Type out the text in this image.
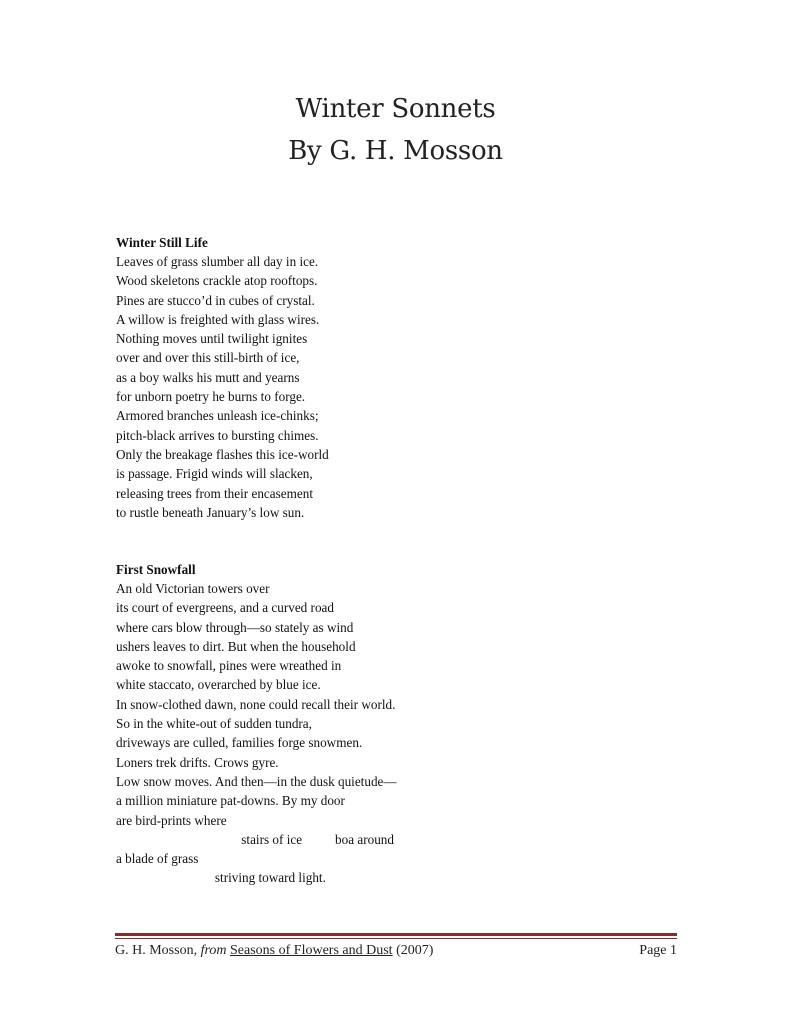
Winter Sonnets
By G. H. Mosson
Winter Still Life
Leaves of grass slumber all day in ice.
Wood skeletons crackle atop rooftops.
Pines are stucco’d in cubes of crystal.
A willow is freighted with glass wires.
Nothing moves until twilight ignites
over and over this still-birth of ice,
as a boy walks his mutt and yearns
for unborn poetry he burns to forge.
Armored branches unleash ice-chinks;
pitch-black arrives to bursting chimes.
Only the breakage flashes this ice-world
is passage. Frigid winds will slacken,
releasing trees from their encasement
to rustle beneath January’s low sun.
First Snowfall
An old Victorian towers over
its court of evergreens, and a curved road
where cars blow through—so stately as wind
ushers leaves to dirt. But when the household
awoke to snowfall, pines were wreathed in
white staccato, overarched by blue ice.
In snow-clothed dawn, none could recall their world.
So in the white-out of sudden tundra,
driveways are culled, families forge snowmen.
Loners trek drifts. Crows gyre.
Low snow moves. And then—in the dusk quietude—
a million miniature pat-downs. By my door
are bird-prints where
stairs of ice          boa around
a blade of grass
striving toward light.
G. H. Mosson, from Seasons of Flowers and Dust (2007)	Page 1
